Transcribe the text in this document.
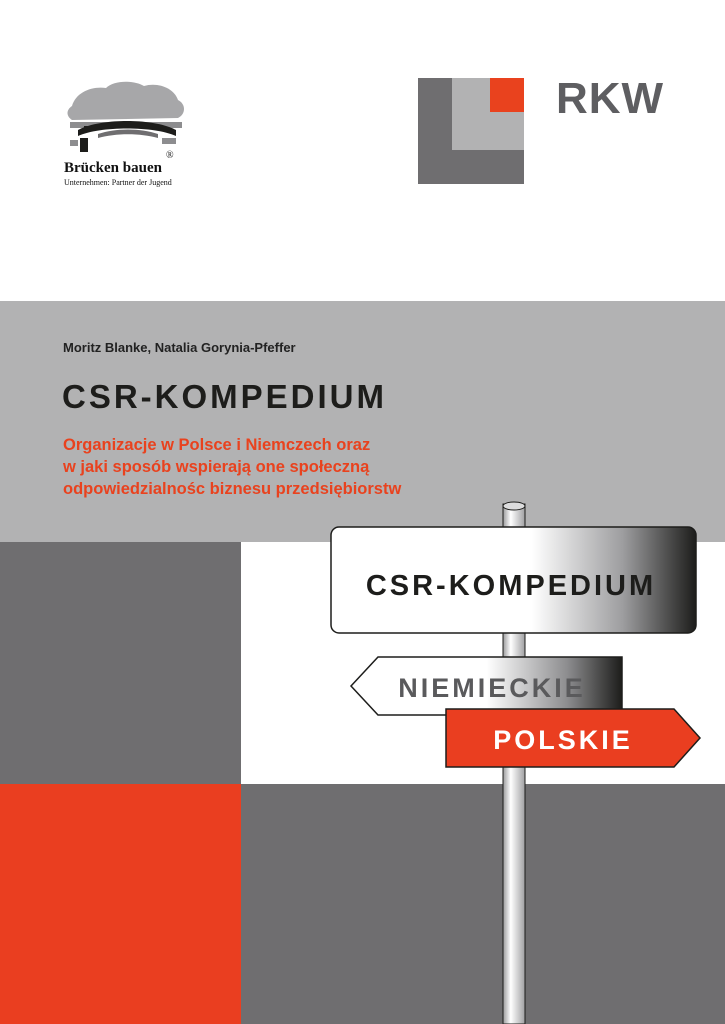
Brücken bauen
®
Unternehmen: Partner der Jugend
RKW
Moritz Blanke, Natalia Gorynia-Pfeffer
CSR-KOMPEDIUM
Organizacje w Polsce i Niemczech oraz
w jaki sposób wspierają one społeczną
odpowiedzialnośc biznesu przedsiębiorstw
CSR-KOMPEDIUM
NIEMIECKIE
POLSKIE
